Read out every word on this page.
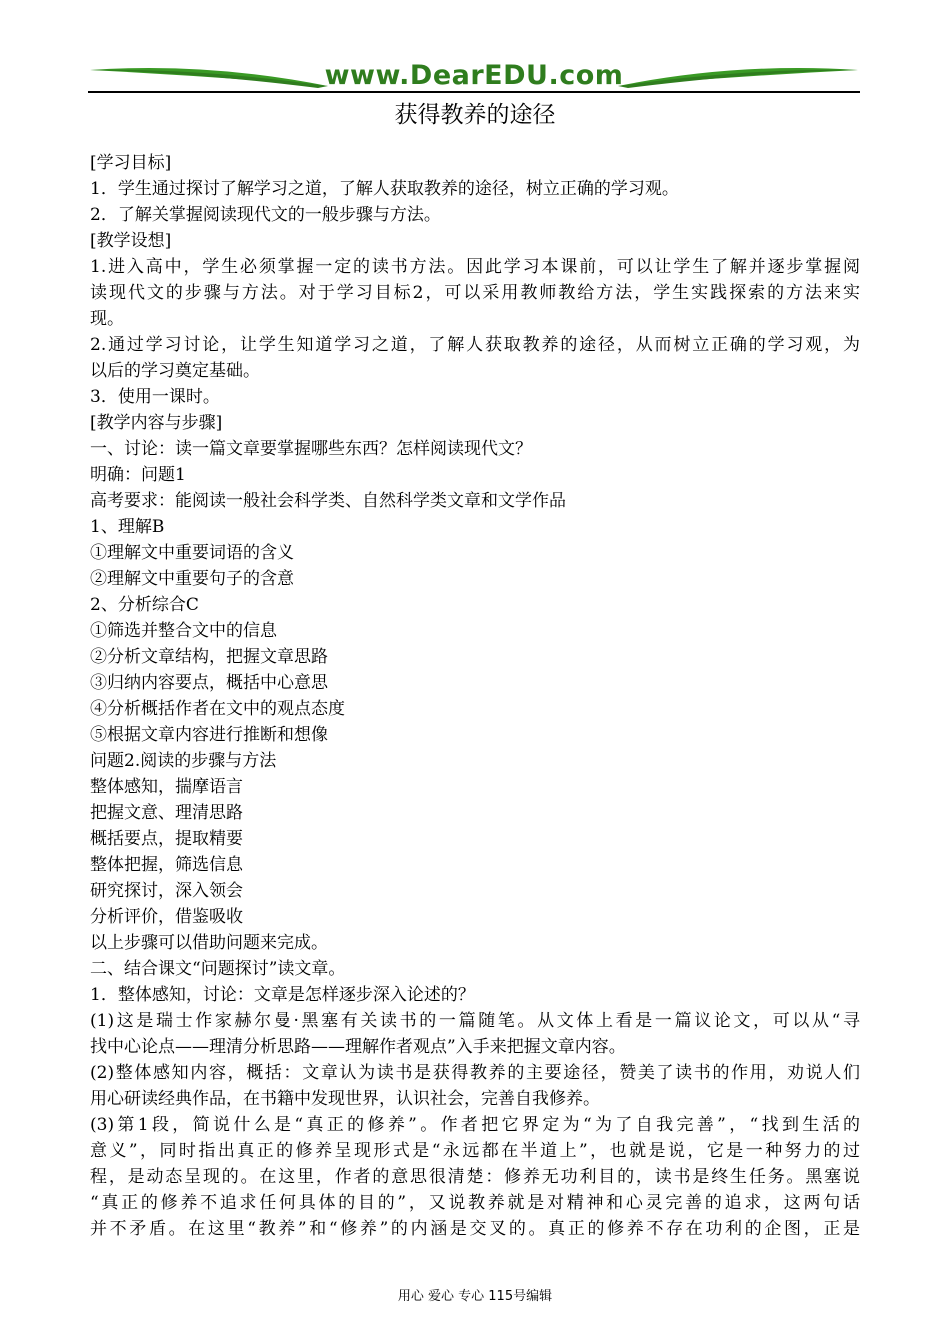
www.DearEDU.com
获得教养的途径
[学习目标]
1．学生通过探讨了解学习之道，了解人获取教养的途径，树立正确的学习观。
2．了解关掌握阅读现代文的一般步骤与方法。
[教学设想]
1.进入高中，学生必须掌握一定的读书方法。因此学习本课前，可以让学生了解并逐步掌握阅
读现代文的步骤与方法。对于学习目标2，可以采用教师教给方法，学生实践探索的方法来实
现。
2.通过学习讨论，让学生知道学习之道，了解人获取教养的途径，从而树立正确的学习观，为
以后的学习奠定基础。
3．使用一课时。
[教学内容与步骤]
一、讨论：读一篇文章要掌握哪些东西？怎样阅读现代文？
明确：问题1
高考要求：能阅读一般社会科学类、自然科学类文章和文学作品
1、理解B
①理解文中重要词语的含义
②理解文中重要句子的含意
2、分析综合C
①筛选并整合文中的信息
②分析文章结构，把握文章思路
③归纳内容要点，概括中心意思
④分析概括作者在文中的观点态度
⑤根据文章内容进行推断和想像
问题2.阅读的步骤与方法
整体感知，揣摩语言
把握文意、理清思路
概括要点，提取精要
整体把握，筛选信息
研究探讨，深入领会
分析评价，借鉴吸收
以上步骤可以借助问题来完成。
二、结合课文“问题探讨”读文章。
1．整体感知，讨论：文章是怎样逐步深入论述的？
(1)这是瑞士作家赫尔曼·黑塞有关读书的一篇随笔。从文体上看是一篇议论文，可以从“寻
找中心论点——理清分析思路——理解作者观点”入手来把握文章内容。
(2)整体感知内容，概括：文章认为读书是获得教养的主要途径，赞美了读书的作用，劝说人们
用心研读经典作品，在书籍中发现世界，认识社会，完善自我修养。
(3)第1段，简说什么是“真正的修养”。作者把它界定为“为了自我完善”，“找到生活的
意义”，同时指出真正的修养呈现形式是“永远都在半道上”，也就是说，它是一种努力的过
程，是动态呈现的。在这里，作者的意思很清楚：修养无功利目的，读书是终生任务。黑塞说
“真正的修养不追求任何具体的目的”，又说教养就是对精神和心灵完善的追求，这两句话
并不矛盾。在这里“教养”和“修养”的内涵是交叉的。真正的修养不存在功利的企图，正是
用心 爱心 专心 115号编辑
